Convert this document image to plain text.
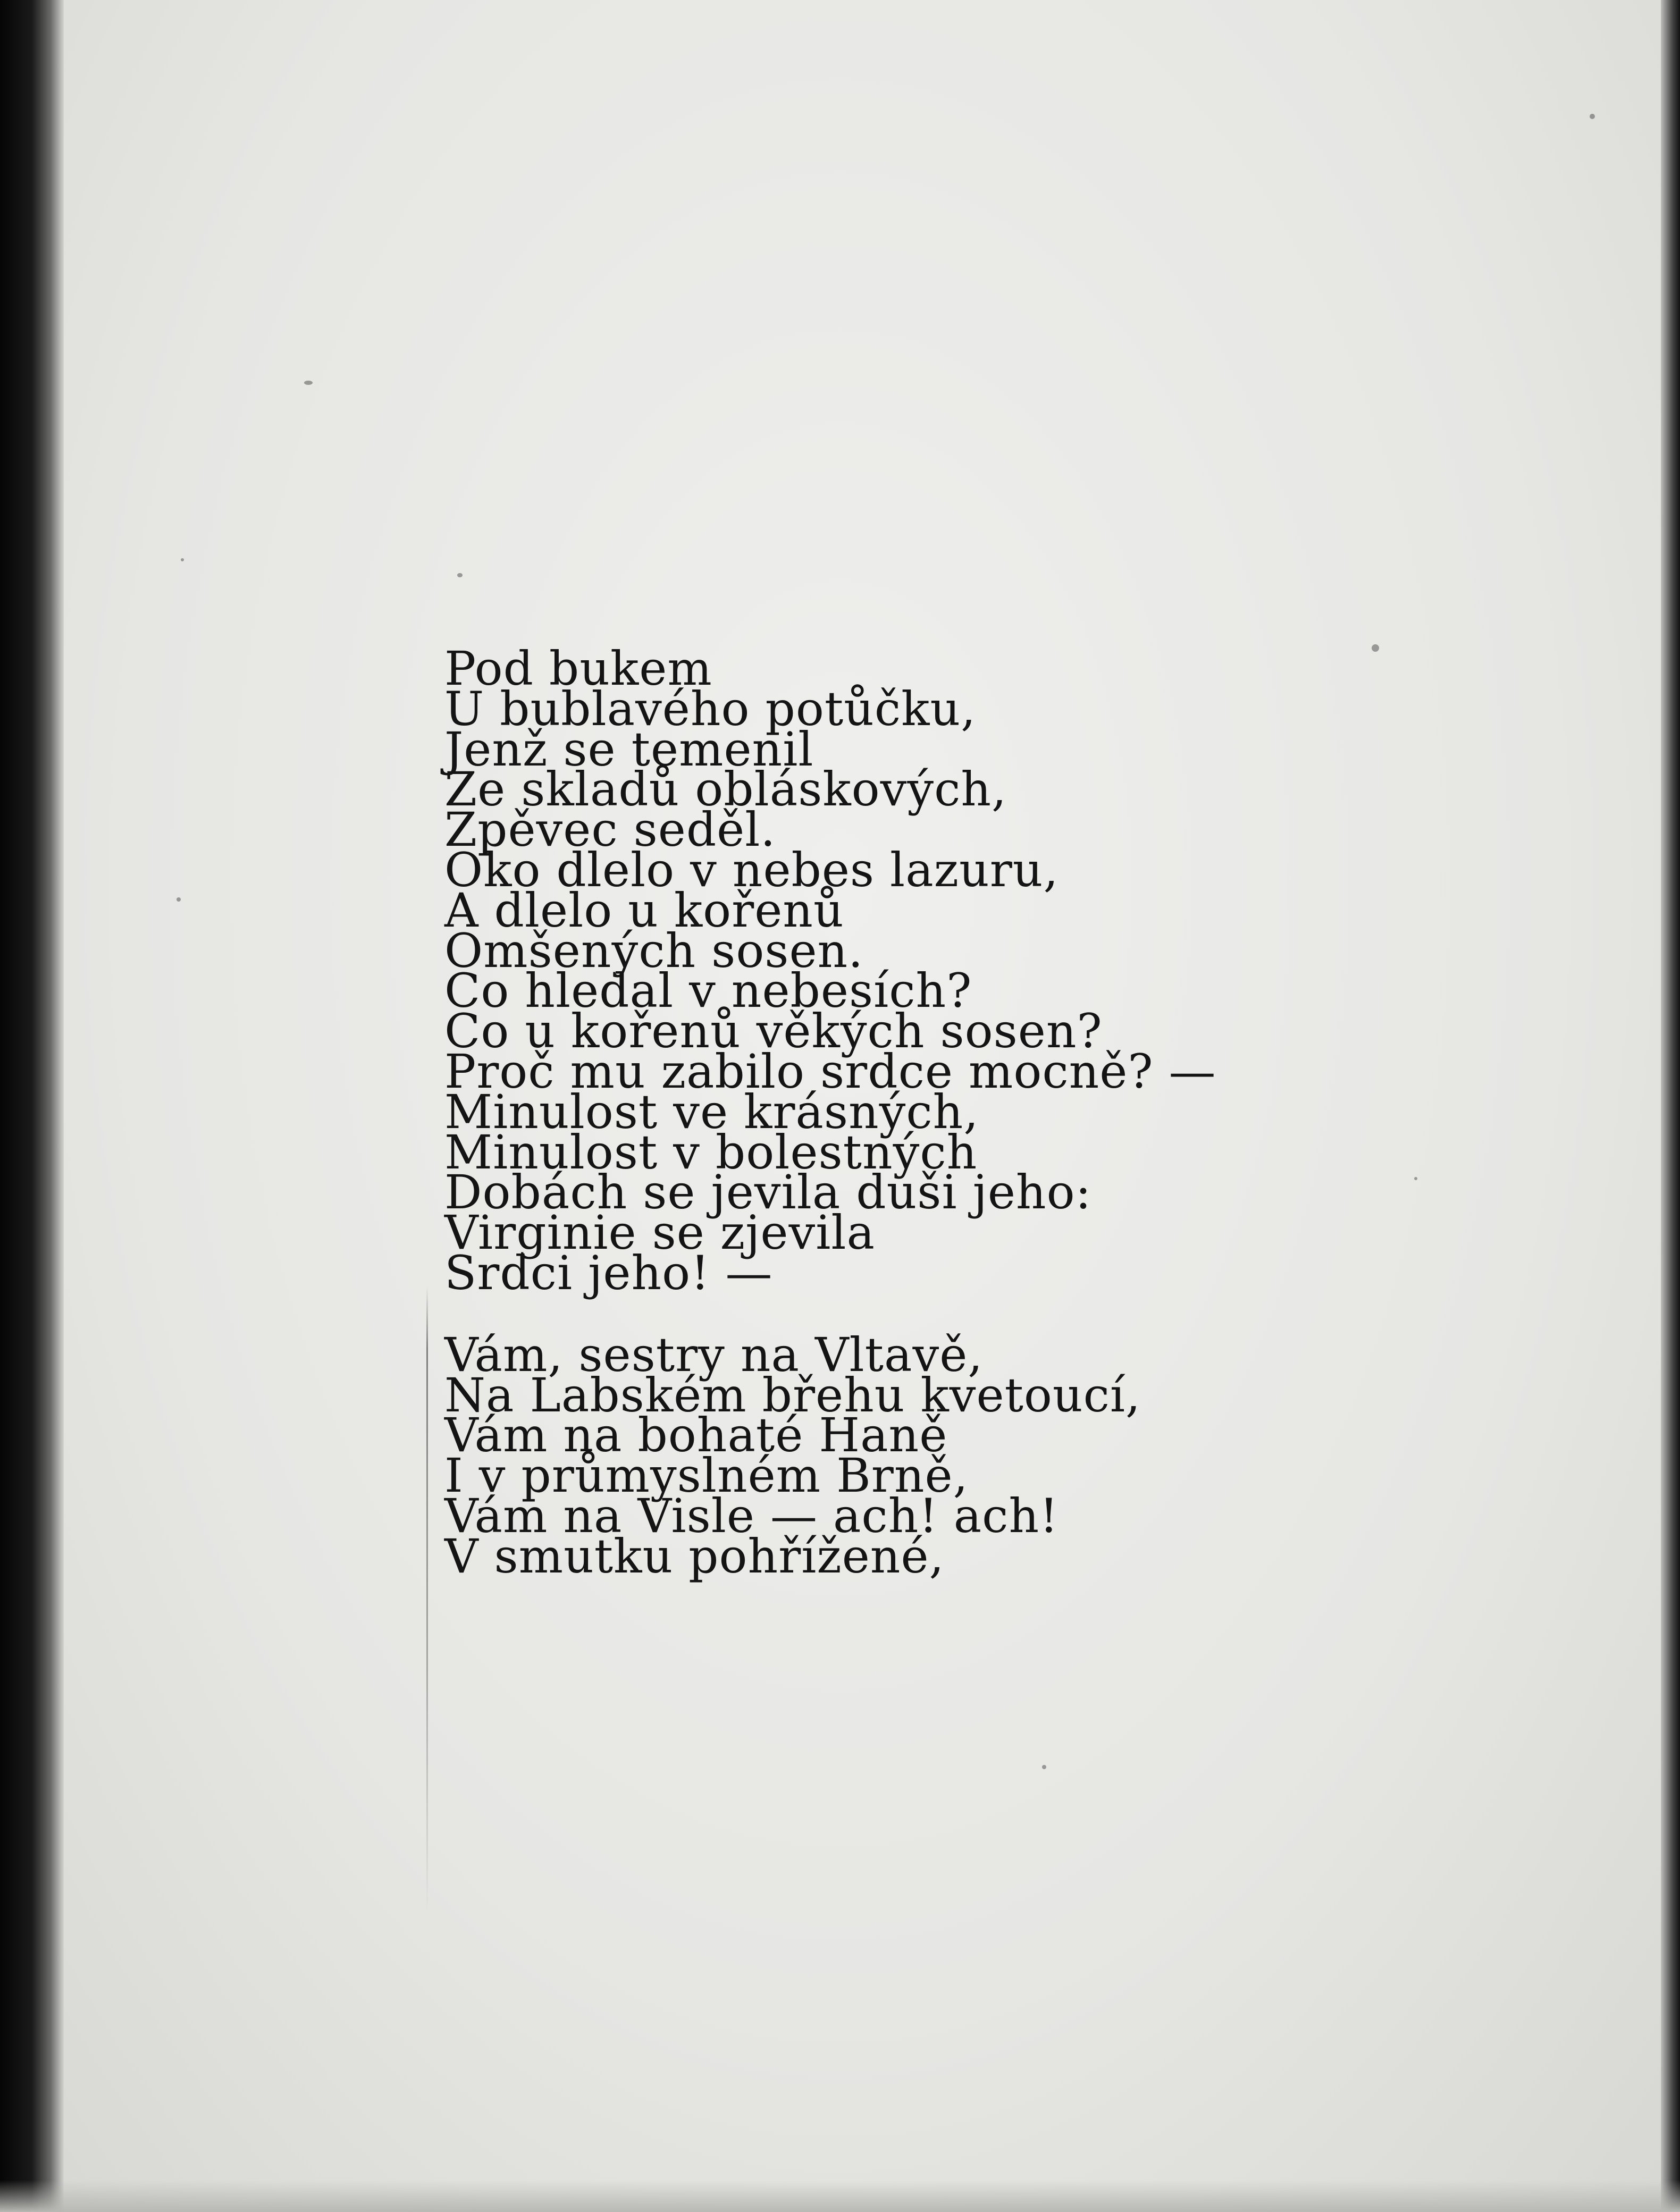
Pod bukem
U bublavého potůčku,
Jenž se temenil
Ze skladů obláskových,
Zpěvec seděl.
Oko dlelo v nebes lazuru,
A dlelo u kořenů
Omšených sosen.
Co hledal v nebesích?
Co u kořenů věkých sosen?
Proč mu zabilo srdce mocně? —
Minulost ve krásných,
Minulost v bolestných
Dobách se jevila duši jeho:
Virginie se zjevila
Srdci jeho! —
Vám, sestry na Vltavě,
Na Labském břehu kvetoucí,
Vám na bohaté Haně
I v průmyslném Brně,
Vám na Visle — ach! ach!
V smutku pohřížené,
